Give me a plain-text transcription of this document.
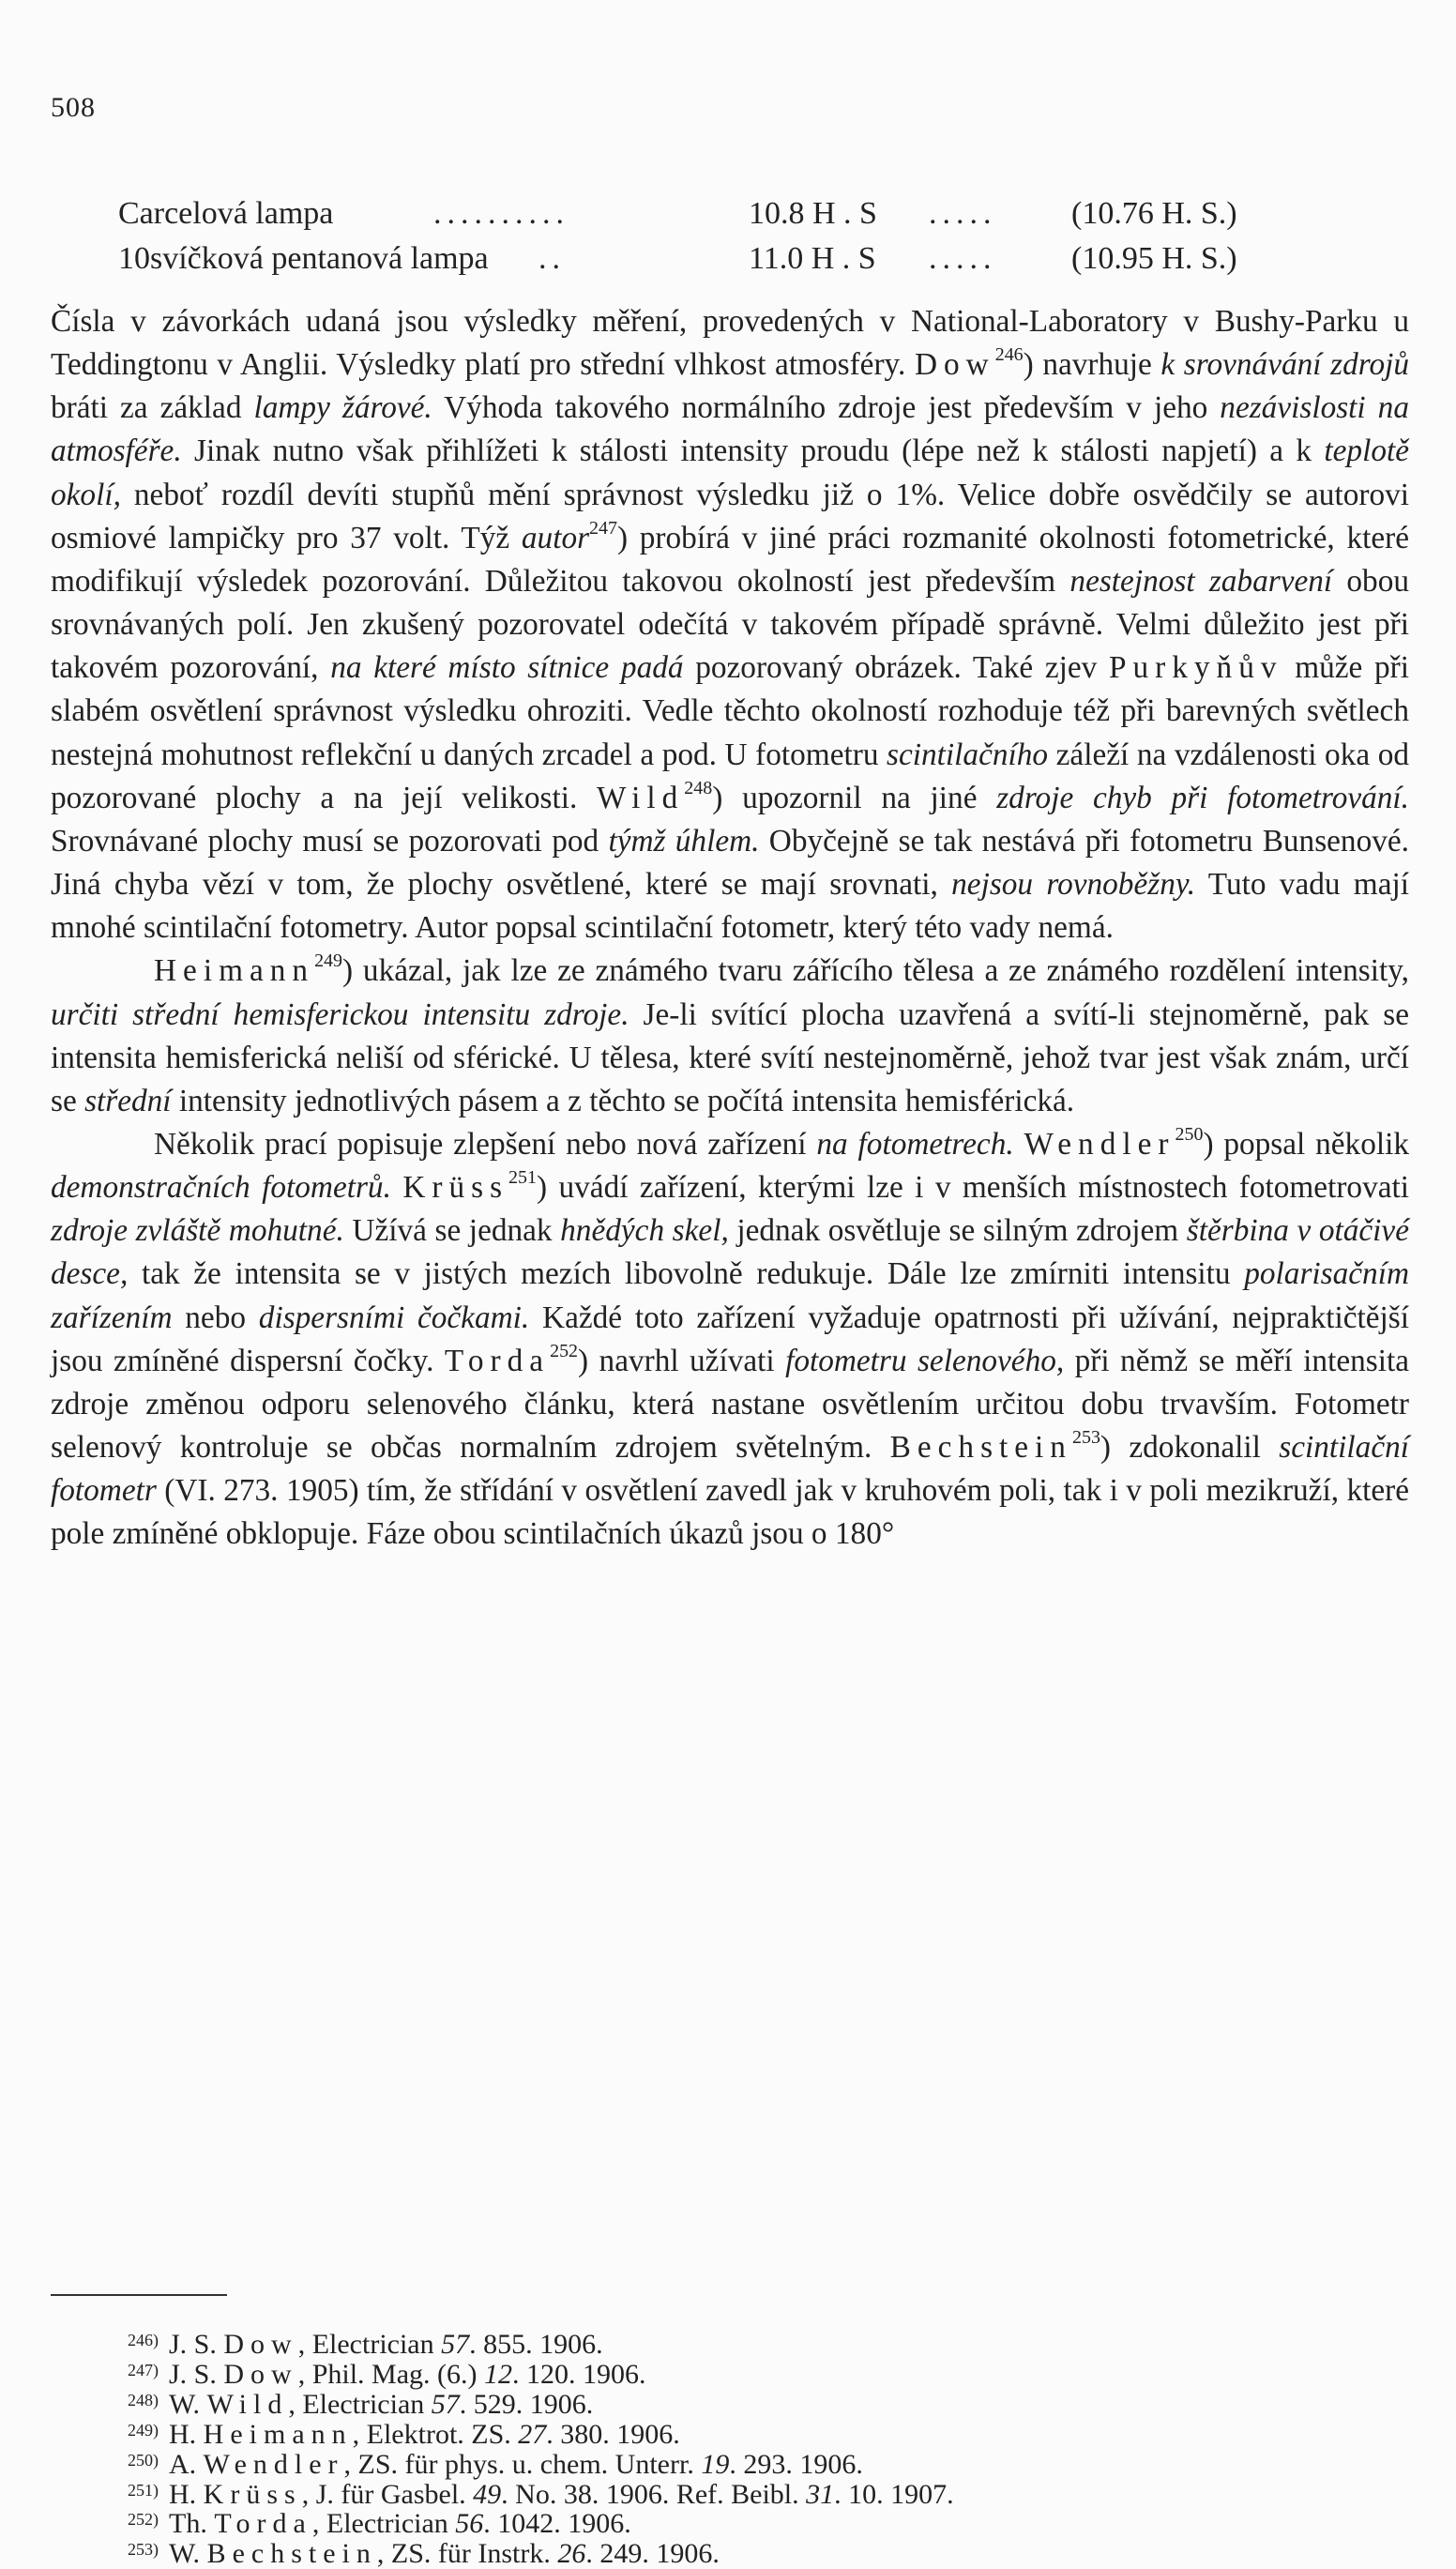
508
Carcelová lampa	..........	10.8 H . S ..... (10.76 H. S.)
10svíčková pentanová lampa ..	11.0 H . S ..... (10.95 H. S.)

Čísla v závorkách udaná jsou výsledky měření, provedených v National-Laboratory v Bushy-Parku u Teddingtonu v Anglii. Výsledky platí pro střední vlhkost atmosféry. Dow$^{246}$) navrhuje k srovnávání zdrojů bráti za základ lampy žárové. Výhoda takového normálního zdroje jest především v jeho nezávislosti na atmosféře. Jinak nutno však přihlížeti k stálosti intensity proudu (lépe než k stálosti napjetí) a k teplotě okolí, neboť rozdíl devíti stupňů mění správnost výsledku již o 1%. Velice dobře osvědčily se autorovi osmiové lampičky pro 37 volt. Týž autor$^{247}$) probírá v jiné práci rozmanité okolnosti fotometrické, které modifikují výsledek pozorování. Důležitou takovou okolností jest především nestejnost zabarvení obou srovnávaných polí. Jen zkušený pozorovatel odečítá v takovém případě správně. Velmi důležito jest při takovém pozorování, na které místo sítnice padá pozorovaný obrázek. Také zjev Purkyňův může při slabém osvětlení správnost výsledku ohroziti. Vedle těchto okolností rozhoduje též při barevných světlech nestejná mohutnost reflekční u daných zrcadel a pod. U fotometru scintilačního záleží na vzdálenosti oka od pozorované plochy a na její velikosti. Wild$^{248}$) upozornil na jiné zdroje chyb při fotometrování. Srovnávané plochy musí se pozorovati pod týmž úhlem. Obyčejně se tak nestává při fotometru Bunsenové. Jiná chyba vězí v tom, že plochy osvětlené, které se mají srovnati, nejsou rovnoběžny. Tuto vadu mají mnohé scintilační fotometry. Autor popsal scintilační fotometr, který této vady nemá.

Heimann$^{249}$) ukázal, jak lze ze známého tvaru zářícího tělesa a ze známého rozdělení intensity, určiti střední hemisferickou intensitu zdroje. Je-li svítící plocha uzavřená a svítí-li stejnoměrně, pak se intensita hemisferická neliší od sférické. U tělesa, které svítí nestejnoměrně, jehož tvar jest však znám, určí se střední intensity jednotlivých pásem a z těchto se počítá intensita hemisférická.

Několik prací popisuje zlepšení nebo nová zařízení na fotometrech. Wendler$^{250}$) popsal několik demonstračních fotometrů. Krüss$^{251}$) uvádí zařízení, kterými lze i v menších místnostech fotometrovati zdroje zvláště mohutné. Užívá se jednak hnědých skel, jednak osvětluje se silným zdrojem štěrbina v otáčivé desce, tak že intensita se v jistých mezích libovolně redukuje. Dále lze zmírniti intensitu polarisačním zařízením nebo dispersními čočkami. Každé toto zařízení vyžaduje opatrnosti při užívání, nejpraktičtější jsou zmíněné dispersní čočky. Torda$^{252}$) navrhl užívati fotometru selenového, při němž se měří intensita zdroje změnou odporu selenového článku, která nastane osvětlením určitou dobu trvavším. Fotometr selenový kontroluje se občas normalním zdrojem světelným. Bechstein$^{253}$) zdokonalil scintilační fotometr (VI. 273. 1905) tím, že střídání v osvětlení zavedl jak v kruhovém poli, tak i v poli mezikruží, které pole zmíněné obklopuje. Fáze obou scintilačních úkazů jsou o 180°

246) J. S. Dow, Electrician 57. 855. 1906.
247) J. S. Dow, Phil. Mag. (6.) 12. 120. 1906.
248) W. Wild, Electrician 57. 529. 1906.
249) H. Heimann, Elektrot. ZS. 27. 380. 1906.
250) A. Wendler, ZS. für phys. u. chem. Unterr. 19. 293. 1906.
251) H. Krüss, J. für Gasbel. 49. No. 38. 1906. Ref. Beibl. 31. 10. 1907.
252) Th. Torda, Electrician 56. 1042. 1906.
253) W. Bechstein, ZS. für Instrk. 26. 249. 1906.
